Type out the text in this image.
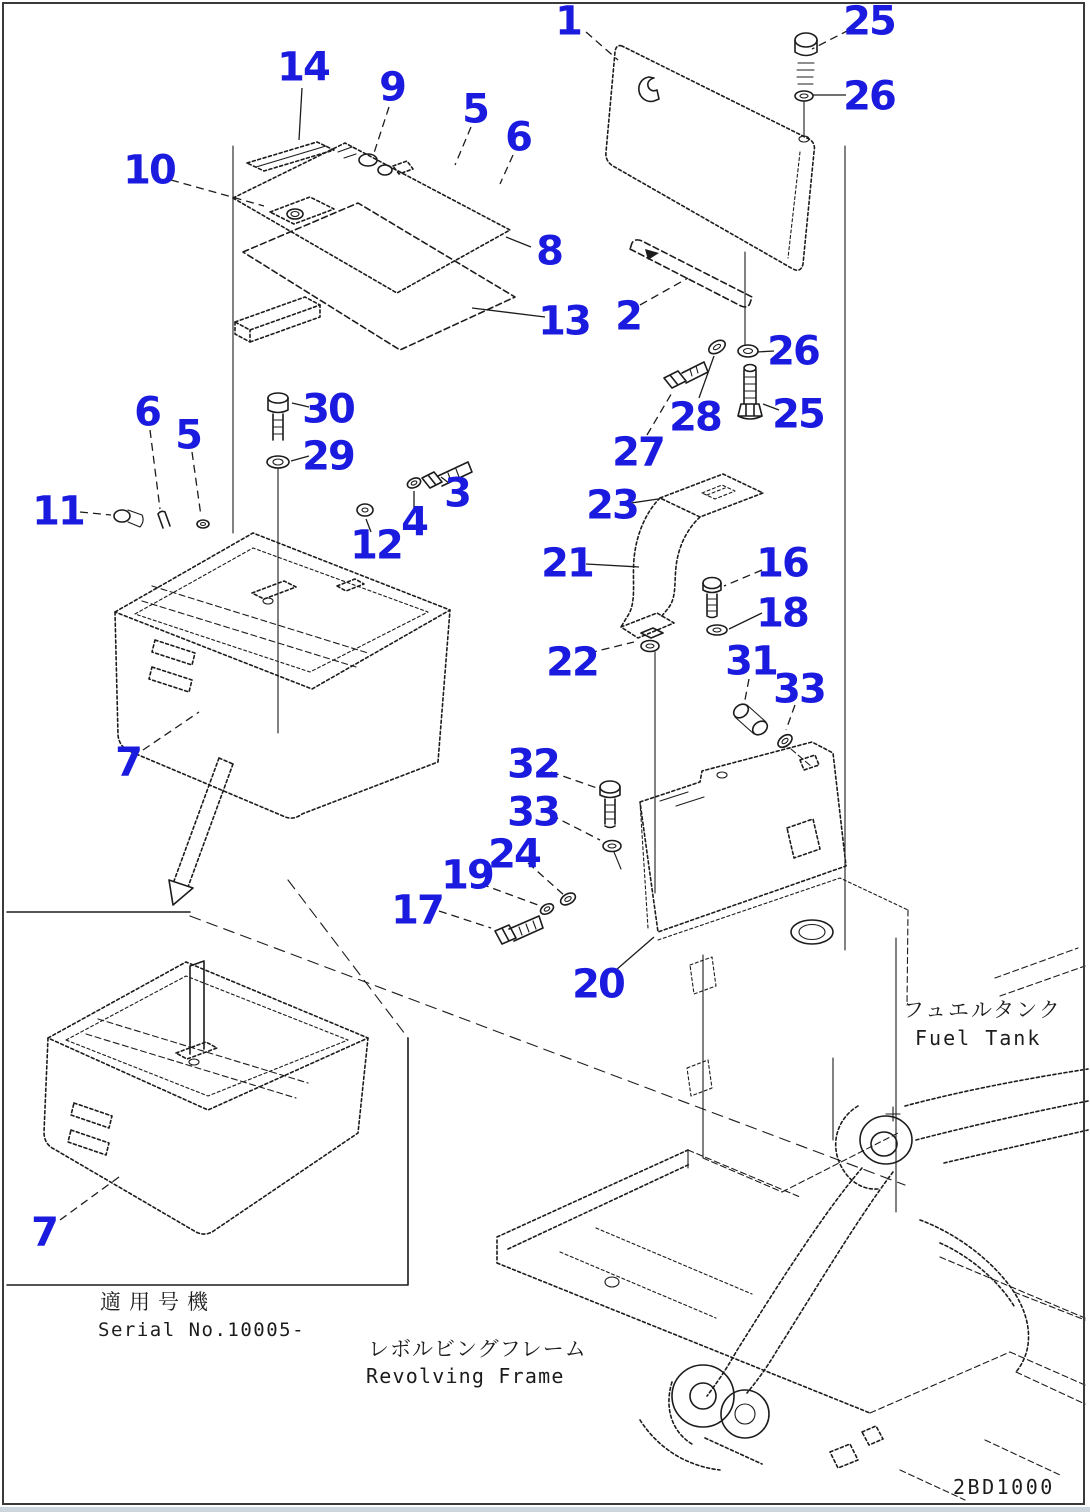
適用号機
Serial No.10005-
フュエルタンク
Fuel Tank
レボルビングフレーム
Revolving Frame
2BD1000
1	25
26
14 9 5
6
10
8
13 2
26
25
28
27
30
29
6 5
11	3
4
12
23
21	16
18
22	31
33
7	32
33
24
19
17
20
7
